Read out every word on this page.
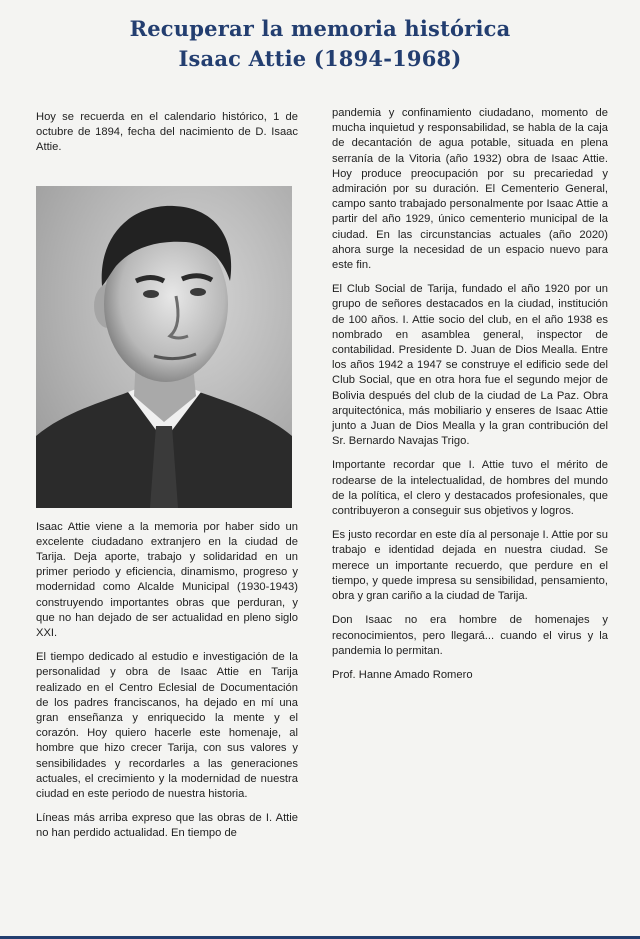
Recuperar la memoria histórica
Isaac Attie (1894-1968)

Hoy se recuerda en el calendario histórico, 1 de octubre de 1894, fecha del nacimiento de D. Isaac Attie.

Isaac Attie viene a la memoria por haber sido un excelente ciudadano extranjero en la ciudad de Tarija. Deja aporte, trabajo y solidaridad en un primer periodo y eficiencia, dinamismo, progreso y modernidad como Alcalde Municipal (1930-1943) construyendo importantes obras que perduran, y que no han dejado de ser actualidad en pleno siglo XXI.

El tiempo dedicado al estudio e investigación de la personalidad y obra de Isaac Attie en Tarija realizado en el Centro Eclesial de Documentación de los padres franciscanos, ha dejado en mí una gran enseñanza y enriquecido la mente y el corazón. Hoy quiero hacerle este homenaje, al hombre que hizo crecer Tarija, con sus valores y sensibilidades y recordarles a las generaciones actuales, el crecimiento y la modernidad de nuestra ciudad en este periodo de nuestra historia.

Líneas más arriba expreso que las obras de I. Attie no han perdido actualidad. En tiempo de

pandemia y confinamiento ciudadano, momento de mucha inquietud y responsabilidad, se habla de la caja de decantación de agua potable, situada en plena serranía de la Vitoria (año 1932) obra de Isaac Attie. Hoy produce preocupación por su precariedad y admiración por su duración. El Cementerio General, campo santo trabajado personalmente por Isaac Attie a partir del año 1929, único cementerio municipal de la ciudad. En las circunstancias actuales (año 2020) ahora surge la necesidad de un espacio nuevo para este fin.

El Club Social de Tarija, fundado el año 1920 por un grupo de señores destacados en la ciudad, institución de 100 años. I. Attie socio del club, en el año 1938 es nombrado en asamblea general, inspector de contabilidad. Presidente D. Juan de Dios Mealla. Entre los años 1942 a 1947 se construye el edificio sede del Club Social, que en otra hora fue el segundo mejor de Bolivia después del club de la ciudad de La Paz. Obra arquitectónica, más mobiliario y enseres de Isaac Attie junto a Juan de Dios Mealla y la gran contribución del Sr. Bernardo Navajas Trigo.

Importante recordar que I. Attie tuvo el mérito de rodearse de la intelectualidad, de hombres del mundo de la política, el clero y destacados profesionales, que contribuyeron a conseguir sus objetivos y logros.

Es justo recordar en este día al personaje I. Attie por su trabajo e identidad dejada en nuestra ciudad. Se merece un importante recuerdo, que perdure en el tiempo, y quede impresa su sensibilidad, pensamiento, obra y gran cariño a la ciudad de Tarija.

Don Isaac no era hombre de homenajes y reconocimientos, pero llegará... cuando el virus y la pandemia lo permitan.

Prof. Hanne Amado Romero
